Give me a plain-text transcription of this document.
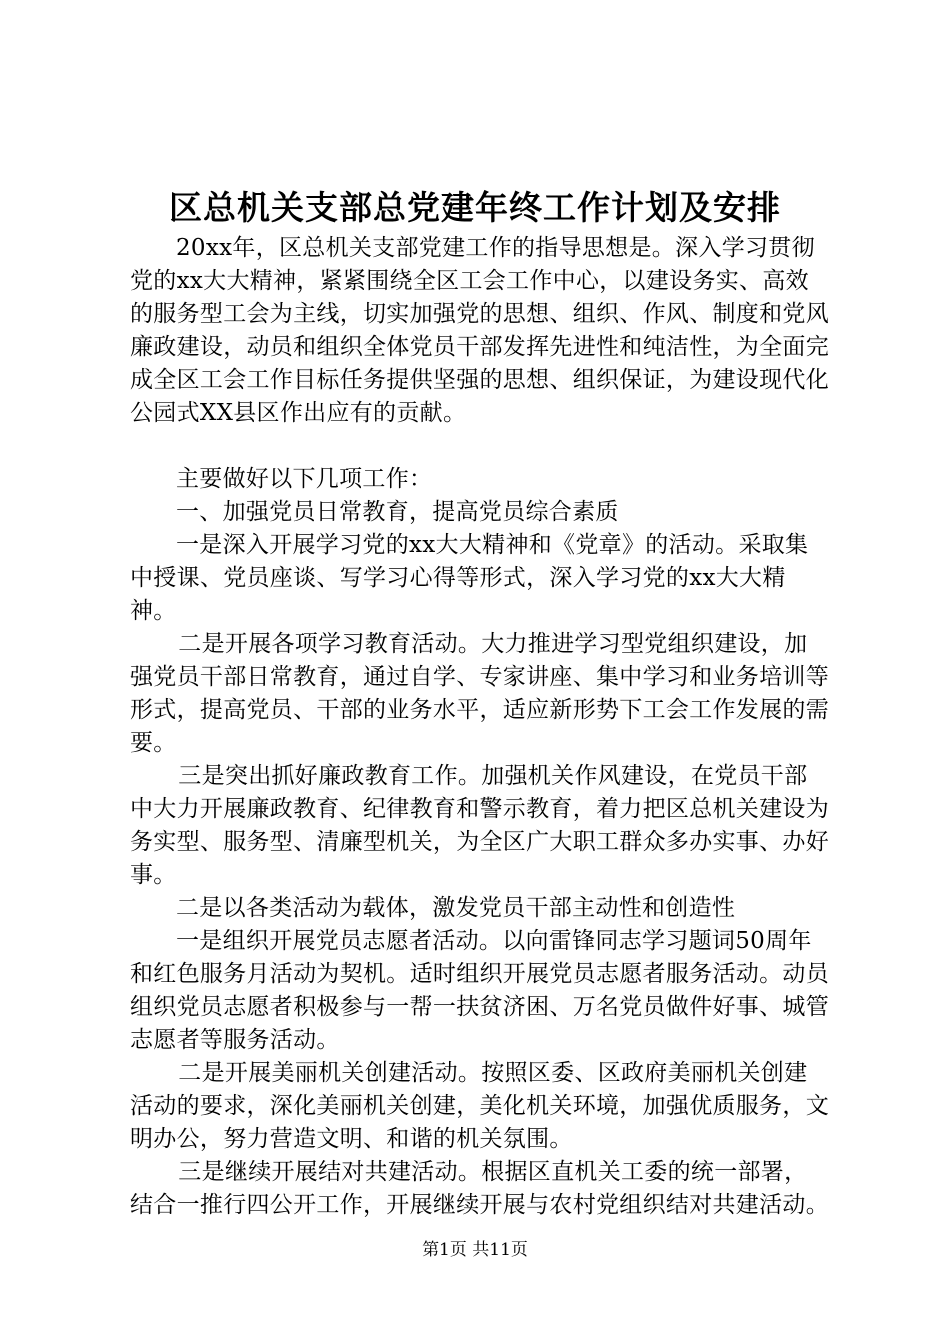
区总机关支部总党建年终工作计划及安排

20xx年，区总机关支部党建工作的指导思想是。深入学习贯彻党的xx大大精神，紧紧围绕全区工会工作中心，以建设务实、高效的服务型工会为主线，切实加强党的思想、组织、作风、制度和党风廉政建设，动员和组织全体党员干部发挥先进性和纯洁性，为全面完成全区工会工作目标任务提供坚强的思想、组织保证，为建设现代化公园式XX县区作出应有的贡献。

主要做好以下几项工作：

一、加强党员日常教育，提高党员综合素质

一是深入开展学习党的xx大大精神和《党章》的活动。采取集中授课、党员座谈、写学习心得等形式，深入学习党的xx大大精神。

二是开展各项学习教育活动。大力推进学习型党组织建设，加强党员干部日常教育，通过自学、专家讲座、集中学习和业务培训等形式，提高党员、干部的业务水平，适应新形势下工会工作发展的需要。

三是突出抓好廉政教育工作。加强机关作风建设，在党员干部中大力开展廉政教育、纪律教育和警示教育，着力把区总机关建设为务实型、服务型、清廉型机关，为全区广大职工群众多办实事、办好事。

二是以各类活动为载体，激发党员干部主动性和创造性

一是组织开展党员志愿者活动。以向雷锋同志学习题词50周年和红色服务月活动为契机。适时组织开展党员志愿者服务活动。动员组织党员志愿者积极参与一帮一扶贫济困、万名党员做件好事、城管志愿者等服务活动。

二是开展美丽机关创建活动。按照区委、区政府美丽机关创建活动的要求，深化美丽机关创建，美化机关环境，加强优质服务，文明办公，努力营造文明、和谐的机关氛围。

三是继续开展结对共建活动。根据区直机关工委的统一部署，结合一推行四公开工作，开展继续开展与农村党组织结对共建活动。

第1页 共11页
